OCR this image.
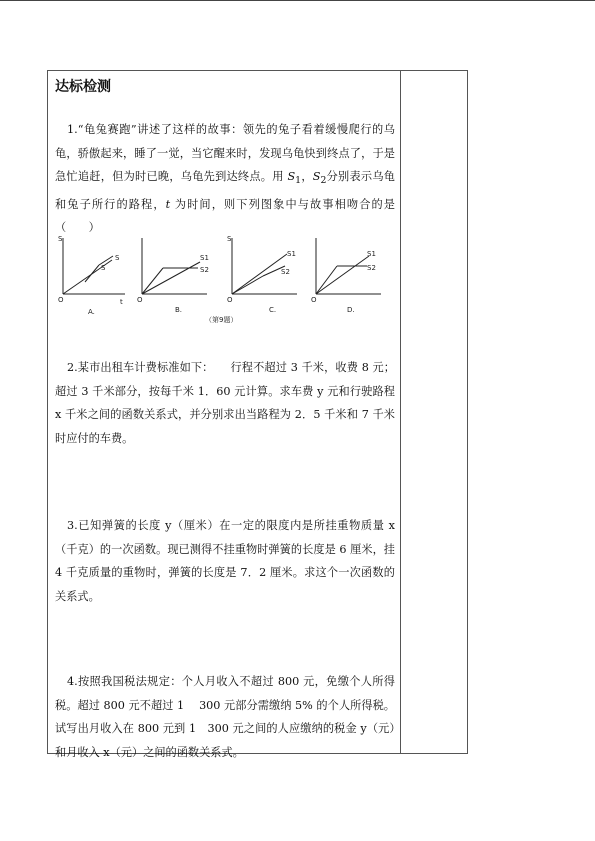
达标检测

1.“龟兔赛跑”讲述了这样的故事：领先的兔子看着缓慢爬行的乌龟，骄傲起来，睡了一觉，当它醒来时，发现乌龟快到终点了，于是急忙追赶，但为时已晚，乌龟先到达终点。用 $S_1$，$S_2$分别表示乌龟和兔子所行的路程，t 为时间，则下列图象中与故事相吻合的是　　（　　）

2.某市出租车计费标准如下：　　行程不超过 3 千米，收费 8 元；超过 3 千米部分，按每千米 1．60 元计算。求车费 y 元和行驶路程 x 千米之间的函数关系式，并分别求出当路程为 2．5 千米和 7 千米时应付的车费。

3.已知弹簧的长度 y（厘米）在一定的限度内是所挂重物质量 x（千克）的一次函数。现已测得不挂重物时弹簧的长度是 6 厘米，挂 4 千克质量的重物时，弹簧的长度是 7．2 厘米。求这个一次函数的关系式。

4.按照我国税法规定：个人月收入不超过 800 元，免缴个人所得税。超过 800 元不超过 1　 300 元部分需缴纳 5% 的个人所得税。试写出月收入在 800 元到 1　300 元之间的人应缴纳的税金 y（元）和月收入 x（元）之间的函数关系式。

S
O	t
S
S
A.
O
S1
S2
B.
S
O
S1
S2
C.
O
S1
S2
D.
（第9题）
